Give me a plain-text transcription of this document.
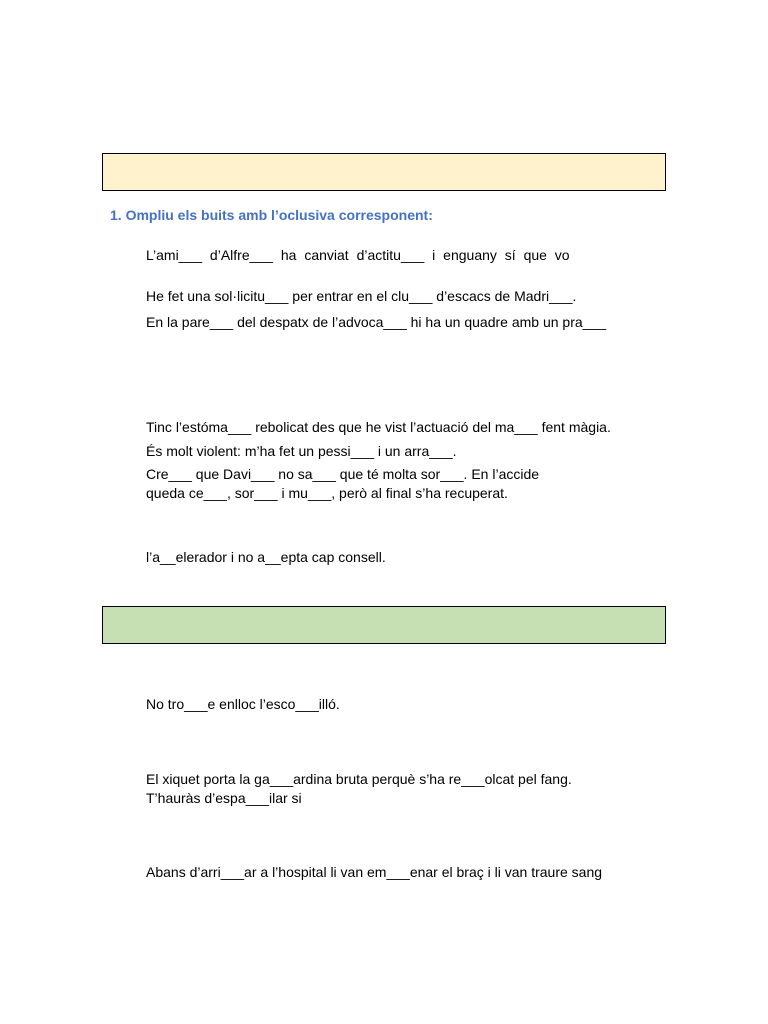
1. Ompliu els buits amb l’oclusiva corresponent:
L’ami___ d’Alfre___ ha canviat d’actitu___ i enguany sí que vo
He fet una sol·licitu___ per entrar en el clu___ d’escacs de Madri___.
En la pare___ del despatx de l’advoca___ hi ha un quadre amb un pra___
Tinc l’estóma___ rebolicat des que he vist l’actuació del ma___ fent màgia.
És molt violent: m’ha fet un pessi___ i un arra___.
Cre___ que Davi___ no sa___ que té molta sor___. En l’accide
queda ce___, sor___ i mu___, però al final s’ha recuperat.
l’a__elerador i no a__epta cap consell.
No tro___e enlloc l’esco___illó.
El xiquet porta la ga___ardina bruta perquè s’ha re___olcat pel fang.
T’hauràs d’espa___ilar si
Abans d’arri___ar a l’hospital li van em___enar el braç i li van traure sang
